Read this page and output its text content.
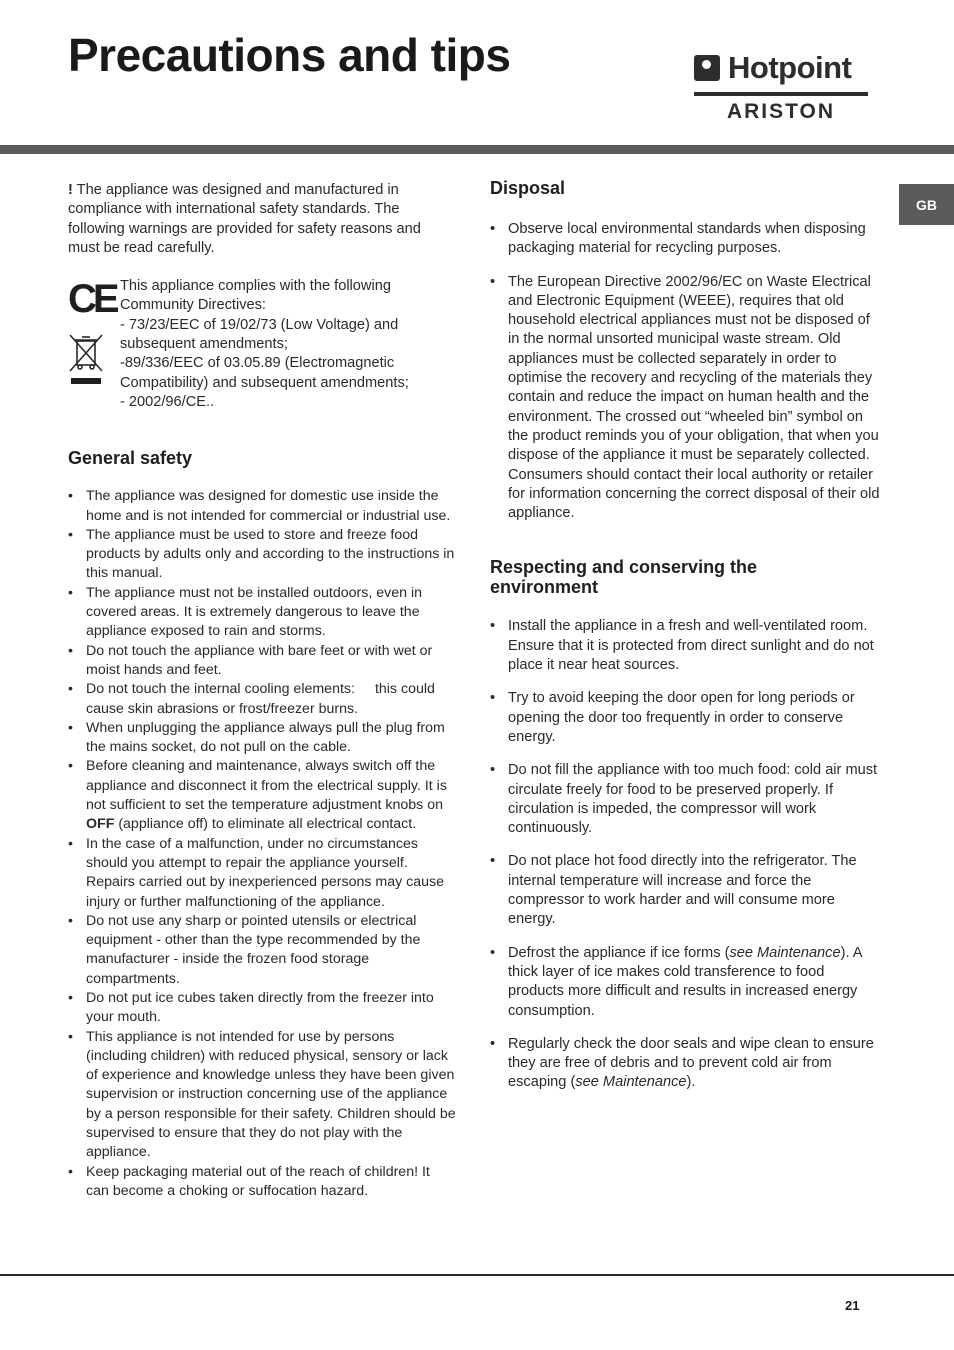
Precautions and tips	Hotpoint
ARISTON
GB

! The appliance was designed and manufactured in compliance with international safety standards. The following warnings are provided for safety reasons and must be read carefully.

CE This appliance complies with the following Community Directives:

- 73/23/EEC of 19/02/73 (Low Voltage) and subsequent amendments;

-89/336/EEC of 03.05.89 (Electromagnetic Compatibility) and subsequent amendments;

- 2002/96/CE..

General safety
• The appliance was designed for domestic use inside the home and is not intended for commercial or industrial use.
• The appliance must be used to store and freeze food products by adults only and according to the instructions in this manual.
• The appliance must not be installed outdoors, even in covered areas. It is extremely dangerous to leave the appliance exposed to rain and storms.
• Do not touch the appliance with bare feet or with wet or moist hands and feet.
• Do not touch the internal cooling elements: this could cause skin abrasions or frost/freezer burns.
• When unplugging the appliance always pull the plug from the mains socket, do not pull on the cable.
• Before cleaning and maintenance, always switch off the appliance and disconnect it from the electrical supply. It is not sufficient to set the temperature adjustment knobs on OFF (appliance off) to eliminate all electrical contact.
• In the case of a malfunction, under no circumstances should you attempt to repair the appliance yourself. Repairs carried out by inexperienced persons may cause injury or further malfunctioning of the appliance.
• Do not use any sharp or pointed utensils or electrical equipment - other than the type recommended by the manufacturer - inside the frozen food storage compartments.
• Do not put ice cubes taken directly from the freezer into your mouth.
• This appliance is not intended for use by persons (including children) with reduced physical, sensory or lack of experience and knowledge unless they have been given supervision or instruction concerning use of the appliance by a person responsible for their safety. Children should be supervised to ensure that they do not play with the appliance.
• Keep packaging material out of the reach of children! It can become a choking or suffocation hazard.
Disposal
• Observe local environmental standards when disposing packaging material for recycling purposes.
• The European Directive 2002/96/EC on Waste Electrical and Electronic Equipment (WEEE), requires that old household electrical appliances must not be disposed of in the normal unsorted municipal waste stream. Old appliances must be collected separately in order to optimise the recovery and recycling of the materials they contain and reduce the impact on human health and the environment. The crossed out “wheeled bin” symbol on the product reminds you of your obligation, that when you dispose of the appliance it must be separately collected. Consumers should contact their local authority or retailer for information concerning the correct disposal of their old appliance.
Respecting and conserving the environment
• Install the appliance in a fresh and well-ventilated room. Ensure that it is protected from direct sunlight and do not place it near heat sources.
• Try to avoid keeping the door open for long periods or opening the door too frequently in order to conserve energy.
• Do not fill the appliance with too much food: cold air must circulate freely for food to be preserved properly. If circulation is impeded, the compressor will work continuously.
• Do not place hot food directly into the refrigerator. The internal temperature will increase and force the compressor to work harder and will consume more energy.
• Defrost the appliance if ice forms (see Maintenance). A thick layer of ice makes cold transference to food products more difficult and results in increased energy consumption.
• Regularly check the door seals and wipe clean to ensure they are free of debris and to prevent cold air from escaping (see Maintenance).
21
